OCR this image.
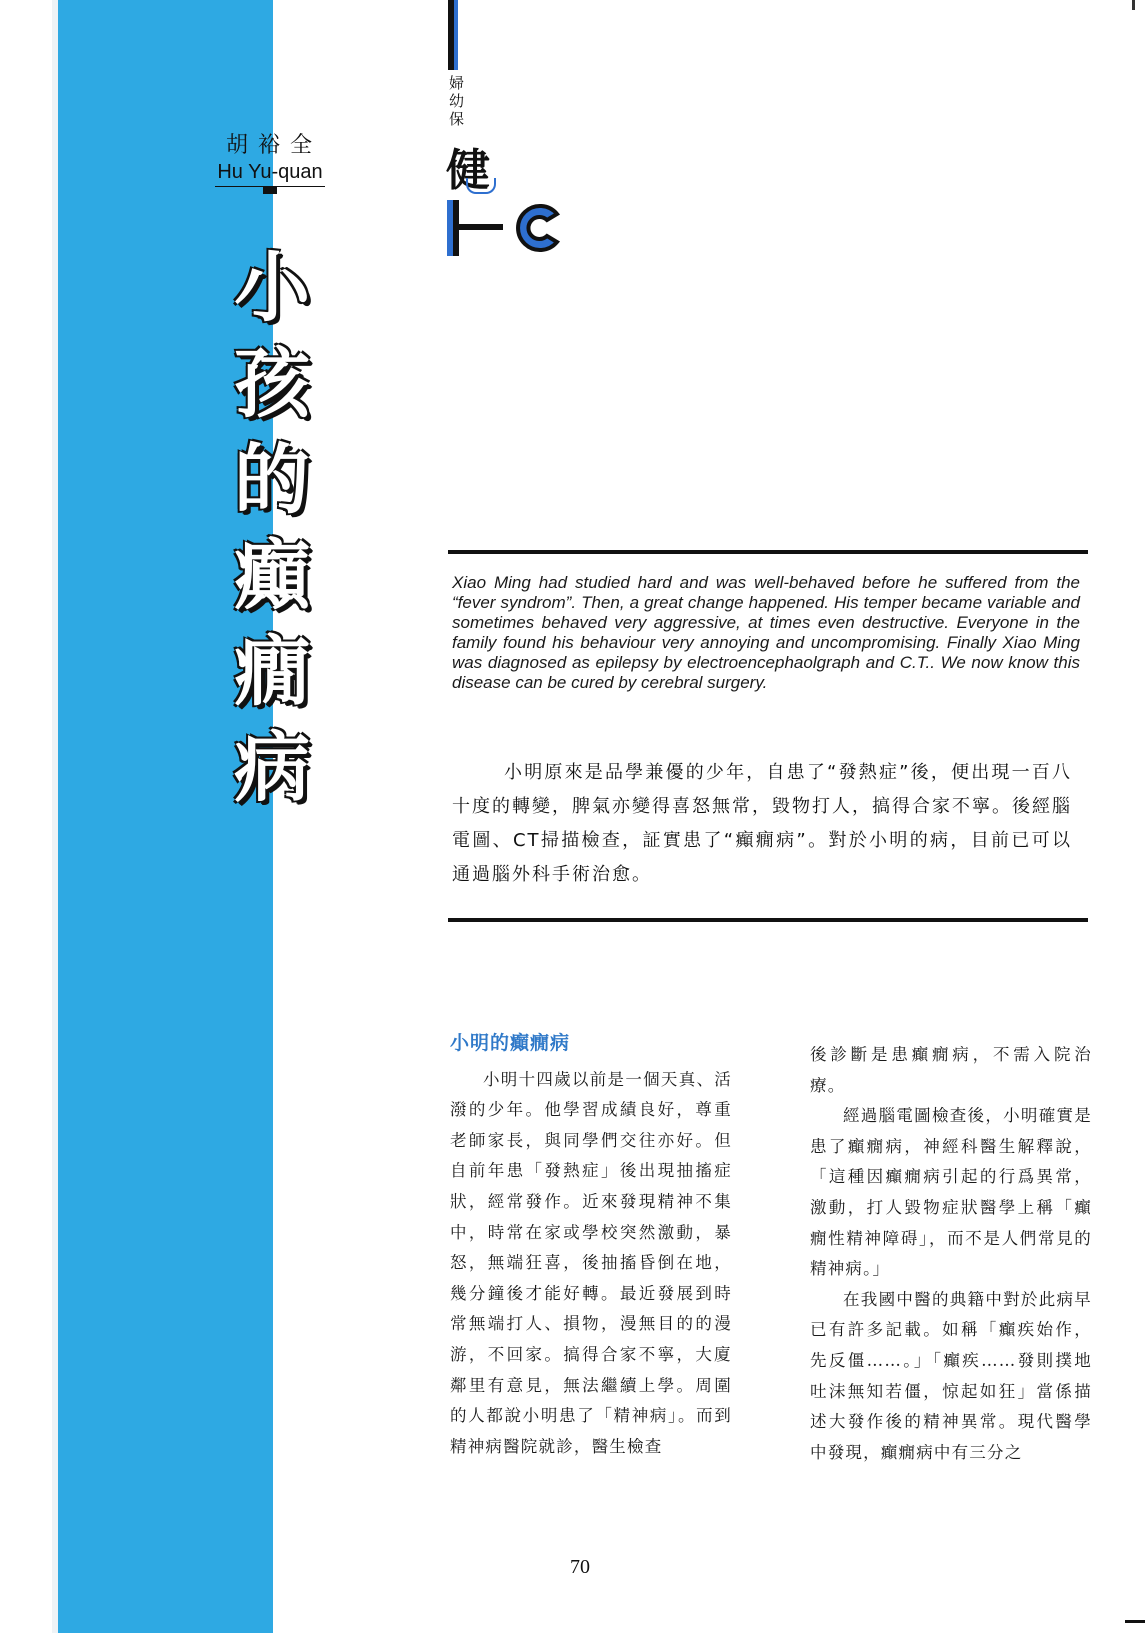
胡裕全
Hu Yu-quan
小
孩
的
癲
癇
病
婦
幼
保
健
Xiao Ming had studied hard and was well-behaved before he suffered from the “fever syndrom”. Then, a great change happened. His temper became variable and sometimes behaved very aggressive, at times even destructive. Everyone in the family found his behaviour very annoying and uncompromising. Finally Xiao Ming was diagnosed as epilepsy by electroencephaolgraph and C.T.. We now know this disease can be cured by cerebral surgery.
小明原來是品學兼優的少年，自患了“發熱症”後，便出現一百八十度的轉變，脾氣亦變得喜怒無常，毀物打人，搞得合家不寧。後經腦電圖、CT掃描檢查，証實患了“癲癇病”。對於小明的病，目前已可以通過腦外科手術治愈。
小明的癲癇病

小明十四歲以前是一個天真、活潑的少年。他學習成績良好，尊重老師家長，與同學們交往亦好。但自前年患「發熱症」後出現抽搐症狀，經常發作。近來發現精神不集中，時常在家或學校突然激動，暴怒，無端狂喜，後抽搐昏倒在地，幾分鐘後才能好轉。最近發展到時常無端打人、損物，漫無目的的漫游，不回家。搞得合家不寧，大廈鄰里有意見，無法繼續上學。周圍的人都說小明患了「精神病」。而到精神病醫院就診，醫生檢查

後診斷是患癲癇病，不需入院治療。

經過腦電圖檢查後，小明確實是患了癲癇病，神經科醫生解釋說，「這種因癲癇病引起的行爲異常，激動，打人毀物症狀醫學上稱「癲癇性精神障碍」，而不是人們常見的精神病。」

在我國中醫的典籍中對於此病早已有許多記載。如稱「癲疾始作，先反僵……。」「癲疾……發則撲地吐沫無知若僵，惊起如狂」當係描述大發作後的精神異常。現代醫學中發現，癲癇病中有三分之

70
